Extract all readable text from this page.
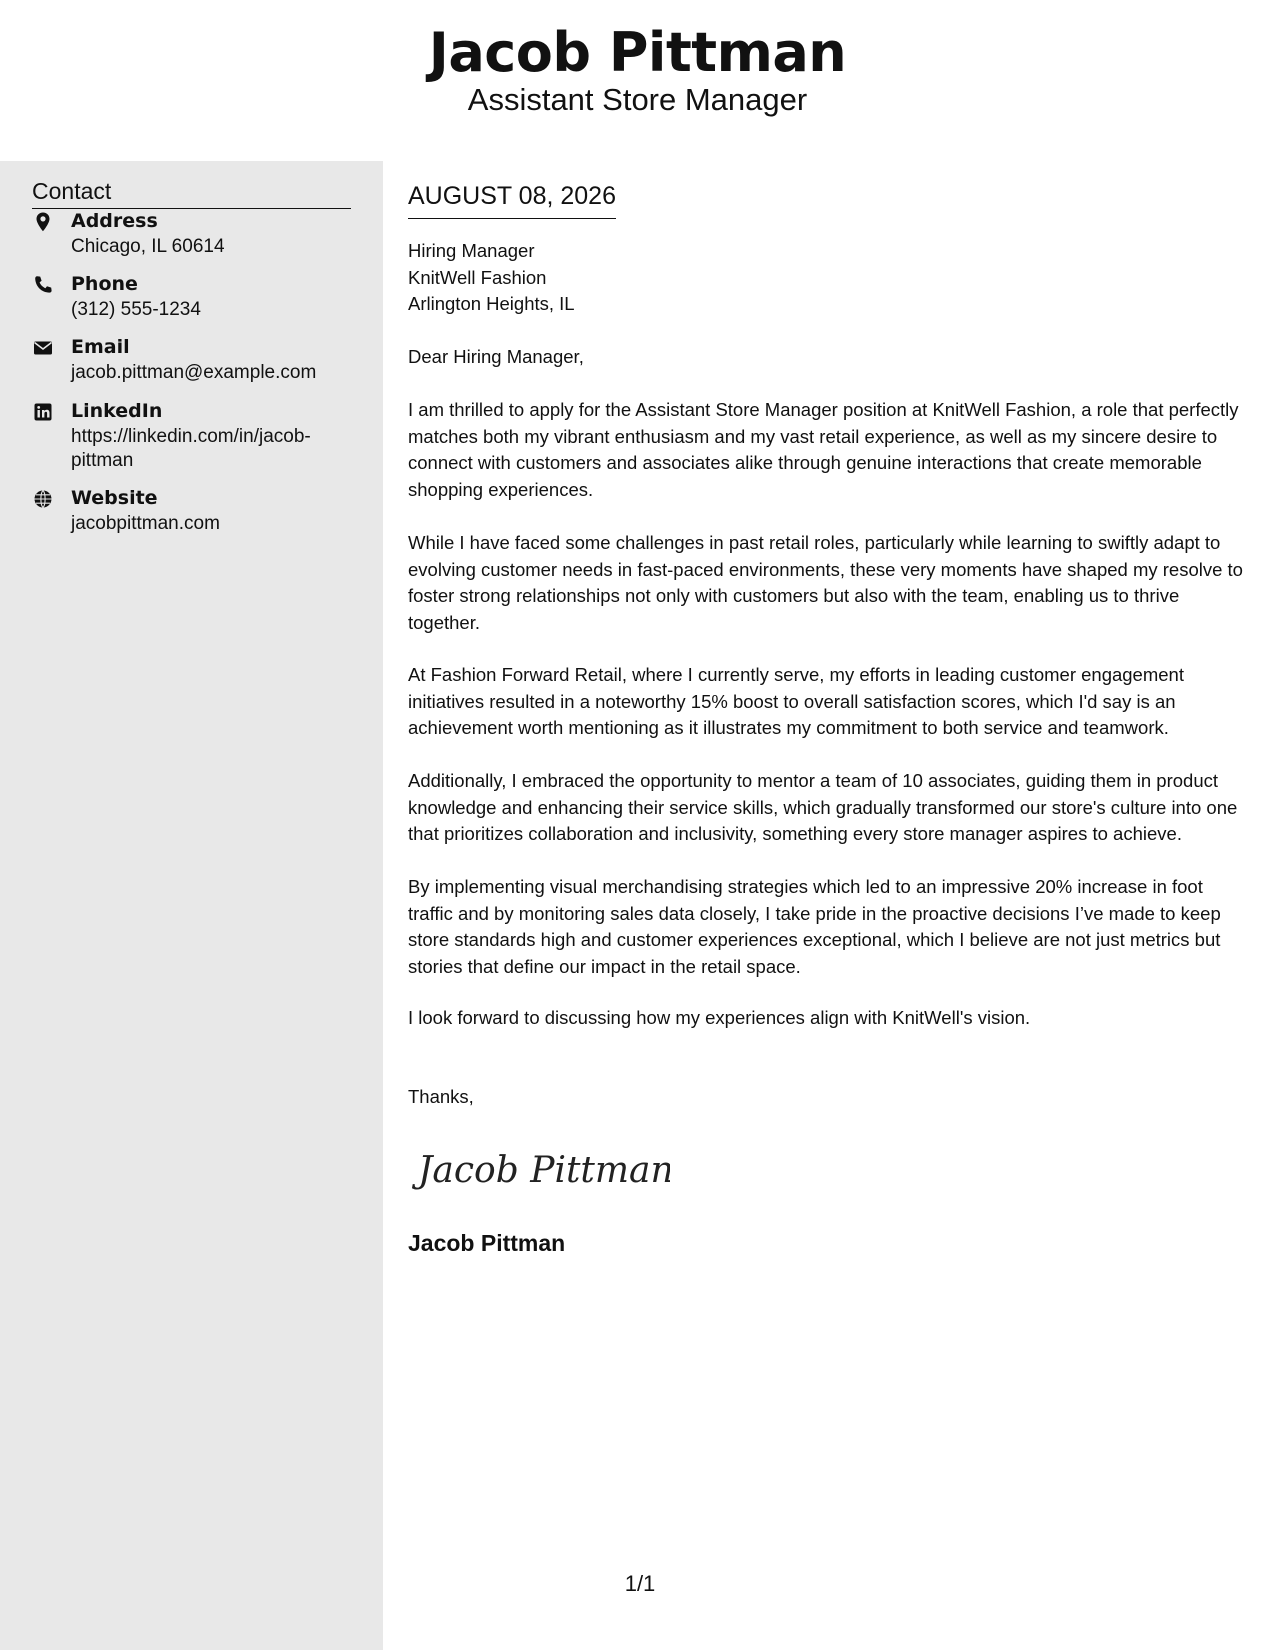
Jacob Pittman
Assistant Store Manager
Contact
Address
Chicago, IL 60614
Phone
(312) 555-1234
Email
jacob.pittman@example.com
LinkedIn
https://linkedin.com/in/jacob-pittman
Website
jacobpittman.com
AUGUST 08, 2026
Hiring Manager
KnitWell Fashion
Arlington Heights, IL
Dear Hiring Manager,
I am thrilled to apply for the Assistant Store Manager position at KnitWell Fashion, a role that perfectly matches both my vibrant enthusiasm and my vast retail experience, as well as my sincere desire to connect with customers and associates alike through genuine interactions that create memorable shopping experiences.
While I have faced some challenges in past retail roles, particularly while learning to swiftly adapt to evolving customer needs in fast-paced environments, these very moments have shaped my resolve to foster strong relationships not only with customers but also with the team, enabling us to thrive together.
At Fashion Forward Retail, where I currently serve, my efforts in leading customer engagement initiatives resulted in a noteworthy 15% boost to overall satisfaction scores, which I'd say is an achievement worth mentioning as it illustrates my commitment to both service and teamwork.
Additionally, I embraced the opportunity to mentor a team of 10 associates, guiding them in product knowledge and enhancing their service skills, which gradually transformed our store's culture into one that prioritizes collaboration and inclusivity, something every store manager aspires to achieve.
By implementing visual merchandising strategies which led to an impressive 20% increase in foot traffic and by monitoring sales data closely, I take pride in the proactive decisions I’ve made to keep store standards high and customer experiences exceptional, which I believe are not just metrics but stories that define our impact in the retail space.
I look forward to discussing how my experiences align with KnitWell's vision.
Thanks,
Jacob Pittman
Jacob Pittman
1/1
